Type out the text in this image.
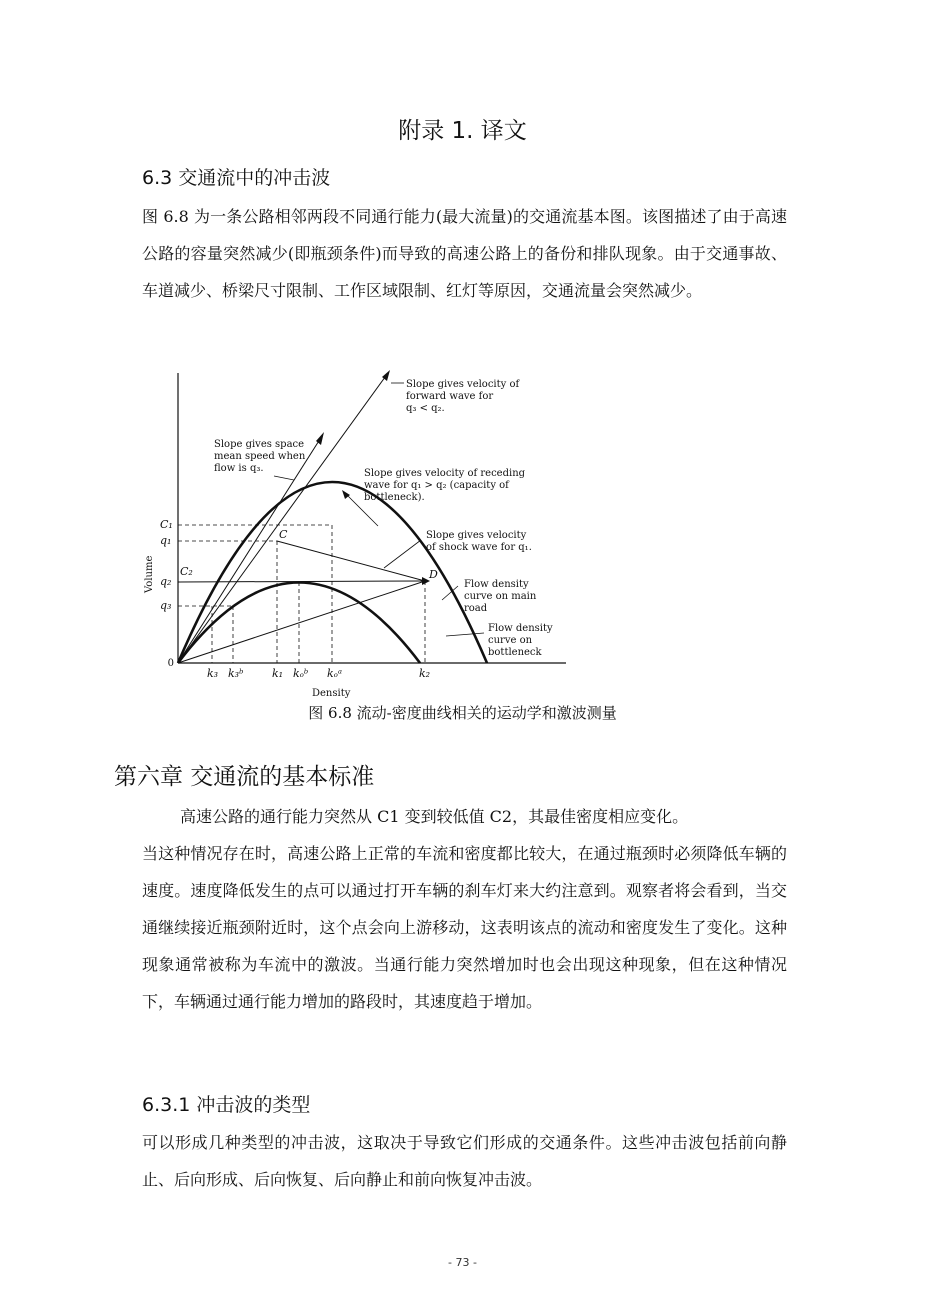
附录 1. 译文
6.3 交通流中的冲击波

图 6.8 为一条公路相邻两段不同通行能力(最大流量)的交通流基本图。该图描述了由于高速公路的容量突然减少(即瓶颈条件)而导致的高速公路上的备份和排队现象。由于交通事故、车道减少、桥梁尺寸限制、工作区域限制、红灯等原因，交通流量会突然减少。

0
Volume
Density
C
D
C₁
q₁
C₂
q₂
q₃
k₃ k₃ᵇ	k₁ kₒᵇ kₒᵃ	k₂
Slope gives velocity of
forward wave for
q₃ < q₂.
Slope gives space
mean speed when
flow is q₃.	Slope gives velocity of receding
wave for q₁ > q₂ (capacity of
bottleneck).
Slope gives velocity
of shock wave for q₁.
Flow density
curve on main
road
Flow density
curve on
bottleneck
图 6.8 流动-密度曲线相关的运动学和激波测量
第六章 交通流的基本标准

高速公路的通行能力突然从 C1 变到较低值 C2，其最佳密度相应变化。

当这种情况存在时，高速公路上正常的车流和密度都比较大，在通过瓶颈时必须降低车辆的速度。速度降低发生的点可以通过打开车辆的刹车灯来大约注意到。观察者将会看到，当交通继续接近瓶颈附近时，这个点会向上游移动，这表明该点的流动和密度发生了变化。这种现象通常被称为车流中的激波。当通行能力突然增加时也会出现这种现象，但在这种情况下，车辆通过通行能力增加的路段时，其速度趋于增加。

6.3.1 冲击波的类型

可以形成几种类型的冲击波，这取决于导致它们形成的交通条件。这些冲击波包括前向静止、后向形成、后向恢复、后向静止和前向恢复冲击波。

- 73 -
